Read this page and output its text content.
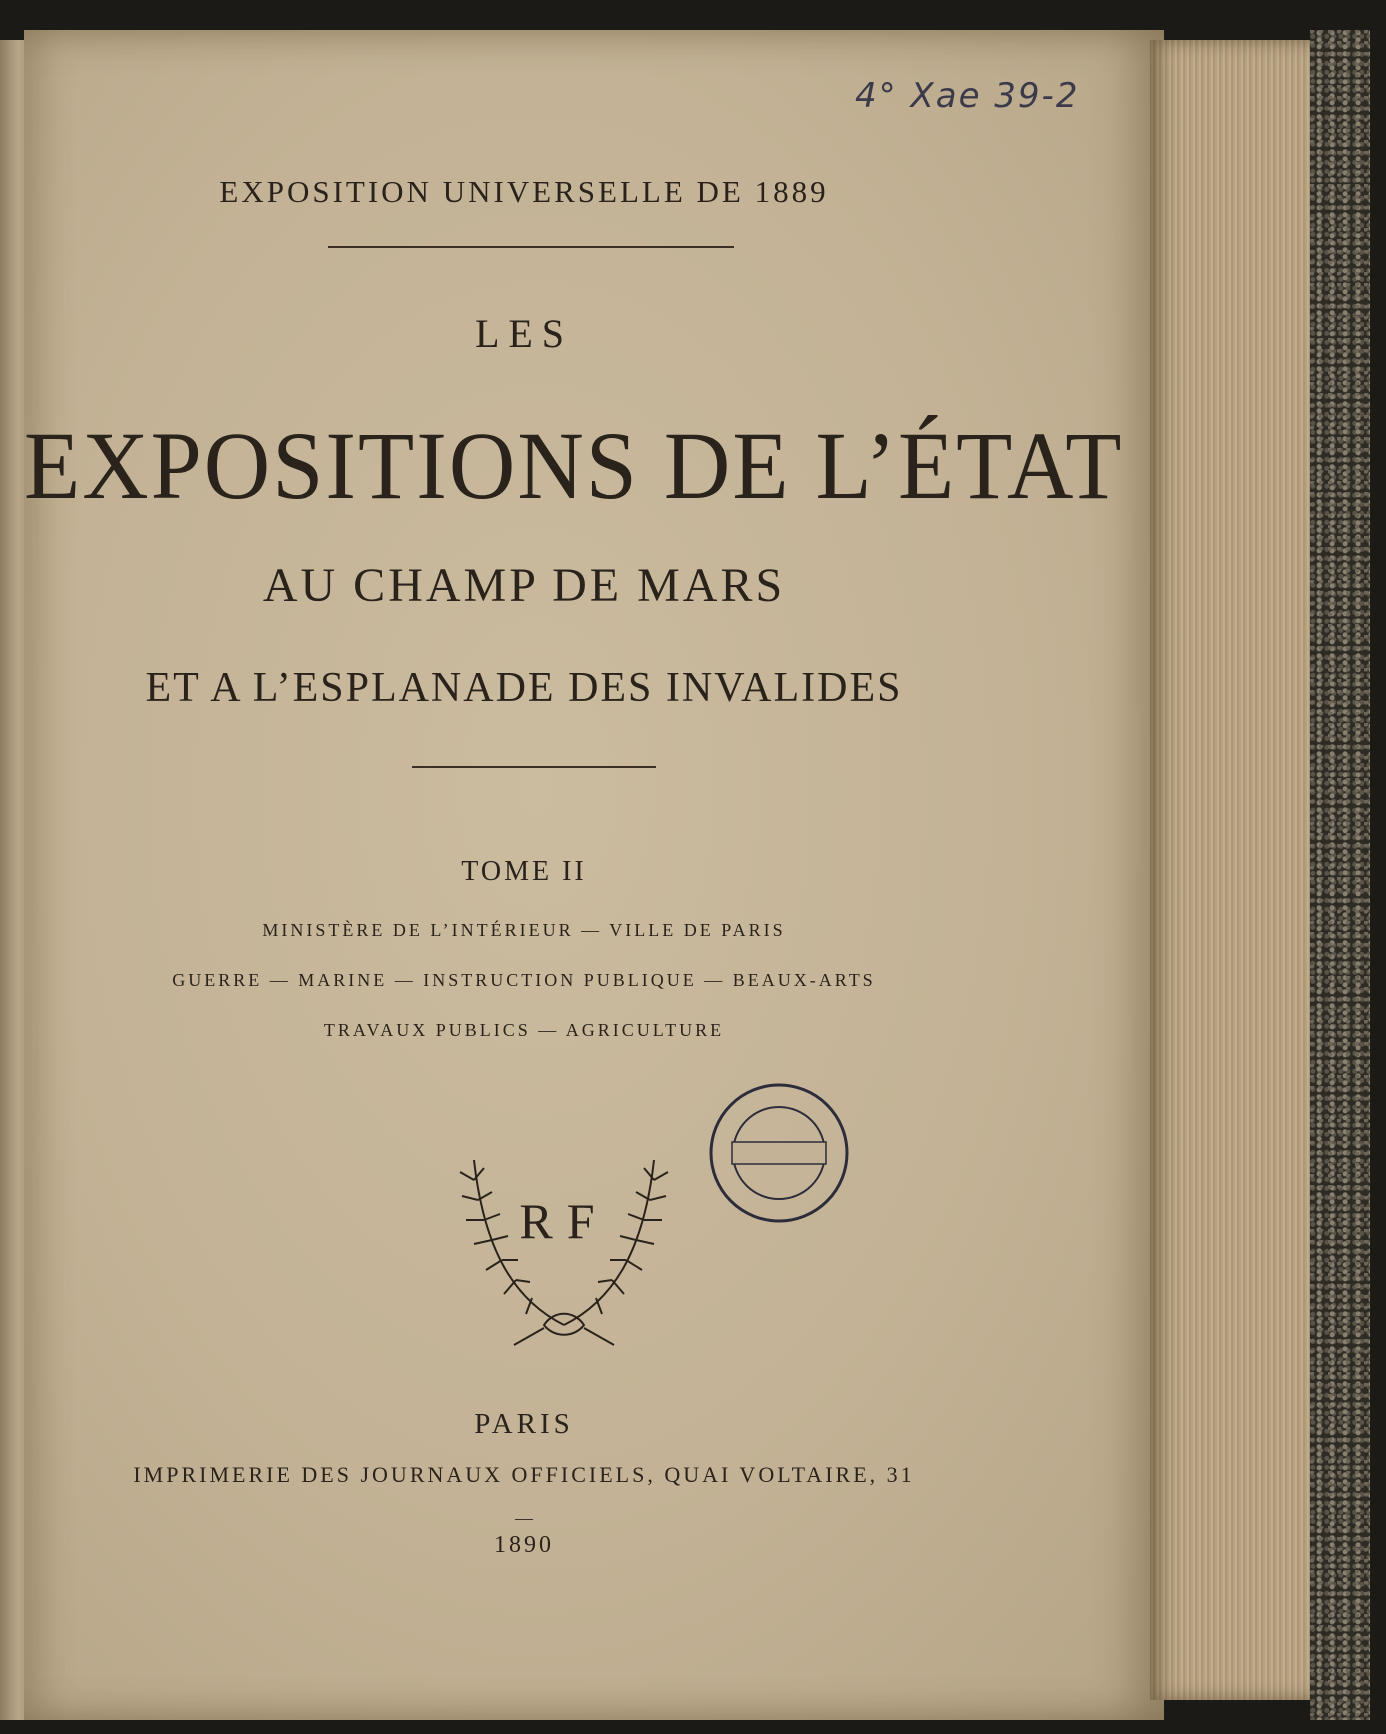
4° Xae 39-2
EXPOSITION UNIVERSELLE DE 1889
LES
EXPOSITIONS DE L’ÉTAT
AU CHAMP DE MARS
ET A L’ESPLANADE DES INVALIDES
TOME II
MINISTÈRE DE L’INTÉRIEUR — VILLE DE PARIS
GUERRE — MARINE — INSTRUCTION PUBLIQUE — BEAUX-ARTS
TRAVAUX PUBLICS — AGRICULTURE
RF
PARIS
IMPRIMERIE DES JOURNAUX OFFICIELS, QUAI VOLTAIRE, 31
—
1890
